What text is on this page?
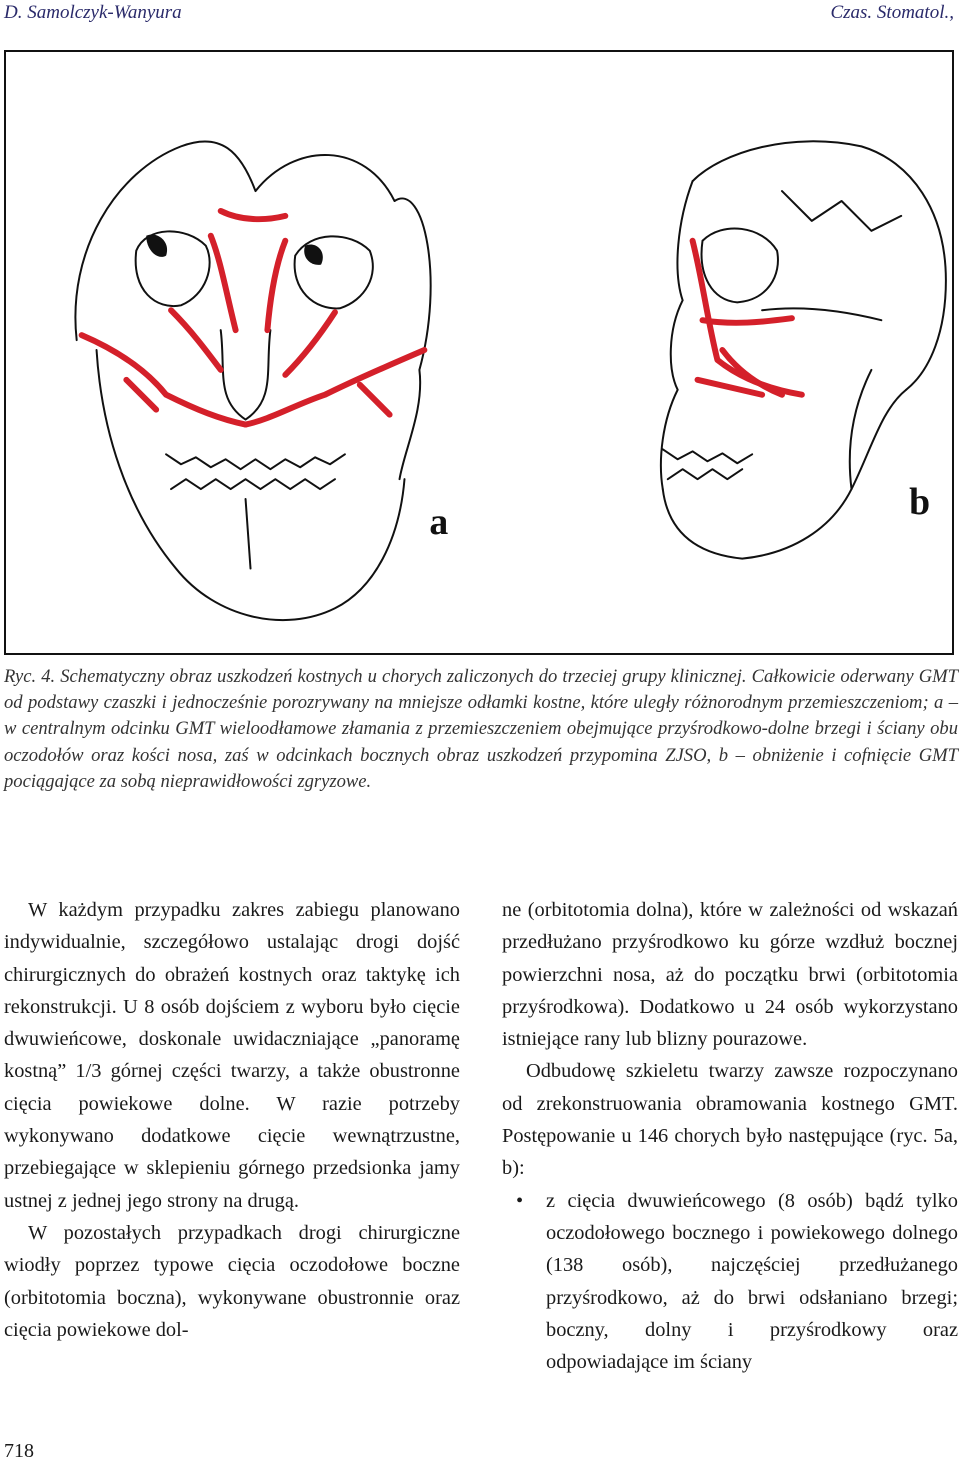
D. Samolczyk-Wanyura	Czas. Stomatol.,
a	b
Ryc. 4. Schematyczny obraz uszkodzeń kostnych u chorych zaliczonych do trzeciej grupy klinicznej. Całkowicie oderwany GMT od podstawy czaszki i jednocześnie porozrywany na mniejsze odłamki kostne, które uległy różnorodnym przemieszczeniom; a – w centralnym odcinku GMT wieloodłamowe złamania z przemieszczeniem obejmujące przyśrodkowo-dolne brzegi i ściany obu oczodołów oraz kości nosa, zaś w odcinkach bocznych obraz uszkodzeń przypomina ZJSO, b – obniżenie i cofnięcie GMT pociągające za sobą nieprawidłowości zgryzowe.

W każdym przypadku zakres zabiegu planowano indywidualnie, szczegółowo ustalając drogi dojść chirurgicznych do obrażeń kostnych oraz taktykę ich rekonstrukcji. U 8 osób dojściem z wyboru było cięcie dwuwieńcowe, doskonale uwidaczniające „panoramę kostną” 1/3 górnej części twarzy, a także obustronne cięcia powiekowe dolne. W razie potrzeby wykonywano dodatkowe cięcie wewnątrzustne, przebiegające w sklepieniu górnego przedsionka jamy ustnej z jednej jego strony na drugą.

W pozostałych przypadkach drogi chirurgiczne wiodły poprzez typowe cięcia oczodołowe boczne (orbitotomia boczna), wykonywane obustronnie oraz cięcia powiekowe dol-

ne (orbitotomia dolna), które w zależności od wskazań przedłużano przyśrodkowo ku górze wzdłuż bocznej powierzchni nosa, aż do początku brwi (orbitotomia przyśrodkowa). Dodatkowo u 24 osób wykorzystano istniejące rany lub blizny pourazowe.

Odbudowę szkieletu twarzy zawsze rozpoczynano od zrekonstruowania obramowania kostnego GMT. Postępowanie u 146 chorych było następujące (ryc. 5a, b):

• z cięcia dwuwieńcowego (8 osób) bądź tylko oczodołowego bocznego i powiekowego dolnego (138 osób), najczęściej przedłużanego przyśrodkowo, aż do brwi odsłaniano brzegi; boczny, dolny i przyśrodkowy oraz odpowiadające im ściany
718
